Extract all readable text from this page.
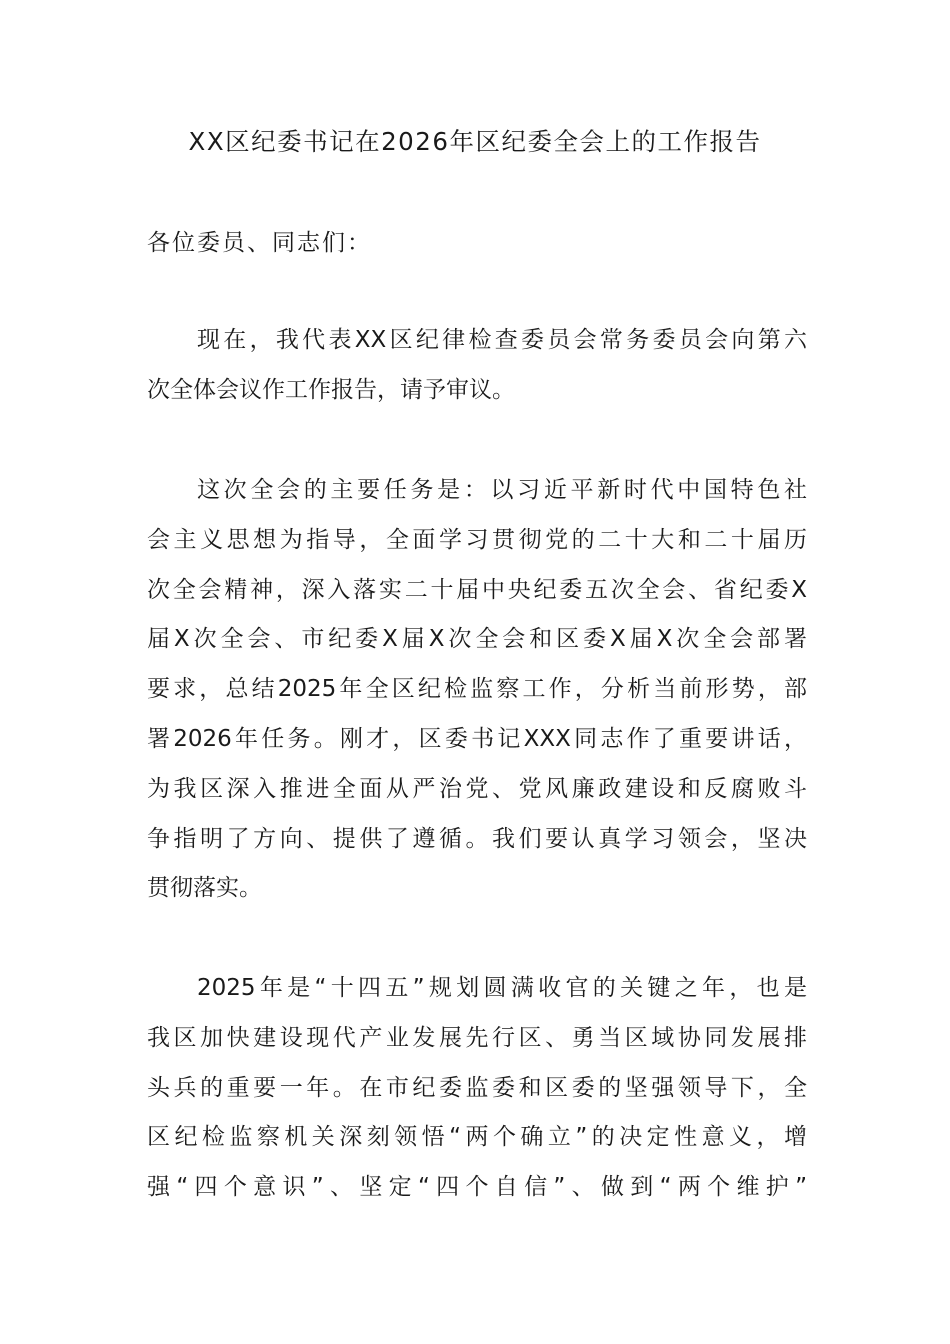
XX区纪委书记在2026年区纪委全会上的工作报告
各位委员、同志们：
现在，我代表XX区纪律检查委员会常务委员会向第六
次全体会议作工作报告，请予审议。
这次全会的主要任务是：以习近平新时代中国特色社
会主义思想为指导，全面学习贯彻党的二十大和二十届历
次全会精神，深入落实二十届中央纪委五次全会、省纪委X
届X次全会、市纪委X届X次全会和区委X届X次全会部署
要求，总结2025年全区纪检监察工作，分析当前形势，部
署2026年任务。刚才，区委书记XXX同志作了重要讲话，
为我区深入推进全面从严治党、党风廉政建设和反腐败斗
争指明了方向、提供了遵循。我们要认真学习领会，坚决
贯彻落实。
2025年是“十四五”规划圆满收官的关键之年，也是
我区加快建设现代产业发展先行区、勇当区域协同发展排
头兵的重要一年。在市纪委监委和区委的坚强领导下，全
区纪检监察机关深刻领悟“两个确立”的决定性意义，增
强“四个意识”、坚定“四个自信”、做到“两个维护”
